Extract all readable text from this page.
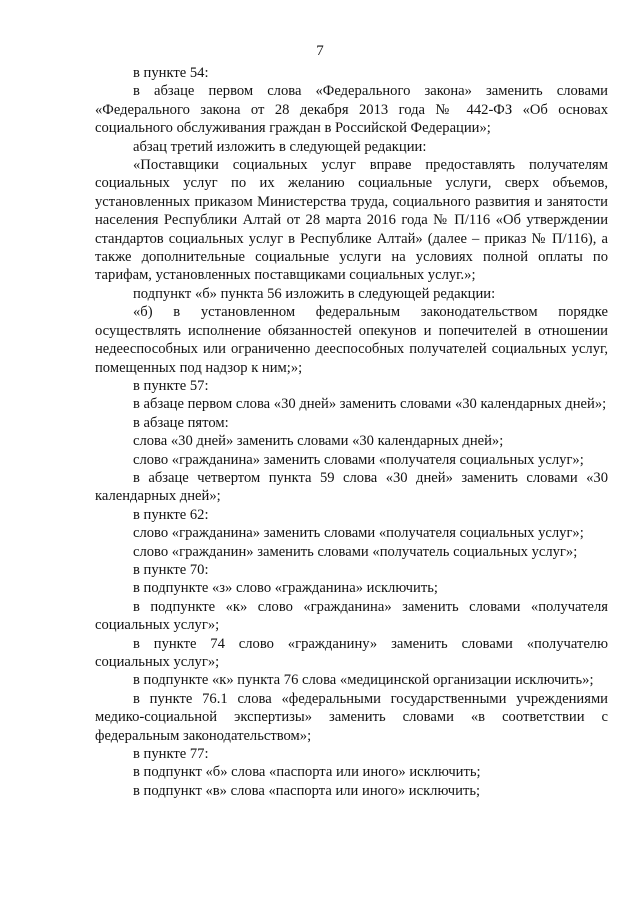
7

в пункте 54:

в абзаце первом слова «Федерального закона» заменить словами «Федерального закона от 28 декабря 2013 года № 442-ФЗ «Об основах социального обслуживания граждан в Российской Федерации»;

абзац третий изложить в следующей редакции:

«Поставщики социальных услуг вправе предоставлять получателям социальных услуг по их желанию социальные услуги, сверх объемов, установленных приказом Министерства труда, социального развития и занятости населения Республики Алтай от 28 марта 2016 года № П/116 «Об утверждении стандартов социальных услуг в Республике Алтай» (далее – приказ № П/116), а также дополнительные социальные услуги на условиях полной оплаты по тарифам, установленных поставщиками социальных услуг.»;

подпункт «б» пункта 56 изложить в следующей редакции:

«б) в установленном федеральным законодательством порядке осуществлять исполнение обязанностей опекунов и попечителей в отношении недееспособных или ограниченно дееспособных получателей социальных услуг, помещенных под надзор к ним;»;

в пункте 57:

в абзаце первом слова «30 дней» заменить словами «30 календарных дней»;

в абзаце пятом:

слова «30 дней» заменить словами «30 календарных дней»;

слово «гражданина» заменить словами «получателя социальных услуг»;

в абзаце четвертом пункта 59 слова «30 дней» заменить словами «30 календарных дней»;

в пункте 62:

слово «гражданина» заменить словами «получателя социальных услуг»;

слово «гражданин» заменить словами «получатель социальных услуг»;

в пункте 70:

в подпункте «з» слово «гражданина» исключить;

в подпункте «к» слово «гражданина» заменить словами «получателя социальных услуг»;

в пункте 74 слово «гражданину» заменить словами «получателю социальных услуг»;

в подпункте «к» пункта 76 слова «медицинской организации исключить»;

в пункте 76.1 слова «федеральными государственными учреждениями медико-социальной экспертизы» заменить словами «в соответствии с федеральным законодательством»;

в пункте 77:

в подпункт «б» слова «паспорта или иного» исключить;

в подпункт «в» слова «паспорта или иного» исключить;
